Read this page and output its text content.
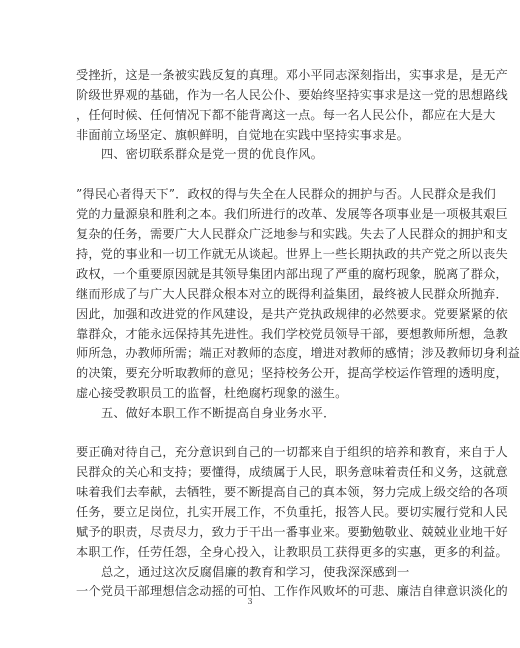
受挫折，这是一条被实践反复的真理。邓小平同志深刻指出，实事求是，是无产
阶级世界观的基础，作为一名人民公仆、要始终坚持实事求是这一党的思想路线
，任何时候、任何情况下都不能背离这一点。每一名人民公仆，都应在大是大
非面前立场坚定、旗帜鲜明，自觉地在实践中坚持实事求是。
四、密切联系群众是党一贯的优良作风。
”得民心者得天下”．政权的得与失全在人民群众的拥护与否。人民群众是我们
党的力量源泉和胜利之本。我们所进行的改革、发展等各项事业是一项极其艰巨
复杂的任务，需要广大人民群众广泛地参与和实践。失去了人民群众的拥护和支
持，党的事业和一切工作就无从谈起。世界上一些长期执政的共产党之所以丧失
政权，一个重要原因就是其领导集团内部出现了严重的腐朽现象，脱离了群众，
继而形成了与广大人民群众根本对立的既得利益集团，最终被人民群众所抛弃．
因此，加强和改进党的作风建设，是共产党执政规律的必然要求。党要紧紧的依
靠群众，才能永远保持其先进性。我们学校党员领导干部，要想教师所想，急教
师所急，办教师所需；端正对教师的态度，增进对教师的感情；涉及教师切身利益
的决策，要充分听取教师的意见；坚持校务公开，提高学校运作管理的透明度，
虚心接受教职员工的监督，杜绝腐朽现象的滋生。
五、做好本职工作不断提高自身业务水平．
要正确对待自己，充分意识到自己的一切都来自于组织的培养和教育，来自于人
民群众的关心和支持；要懂得，成绩属于人民，职务意味着责任和义务，这就意
味着我们去奉献，去牺牲，要不断提高自己的真本领，努力完成上级交给的各项
任务，要立足岗位，扎实开展工作，不负重托，报答人民。要切实履行党和人民
赋予的职责，尽责尽力，致力于干出一番事业来。要勤勉敬业、兢兢业业地干好
本职工作，任劳任怨，全身心投入，让教职员工获得更多的实惠，更多的利益。
总之，通过这次反腐倡廉的教育和学习，使我深深感到一
一个党员干部理想信念动摇的可怕、工作作风败坏的可悲、廉洁自律意识淡化的
3
